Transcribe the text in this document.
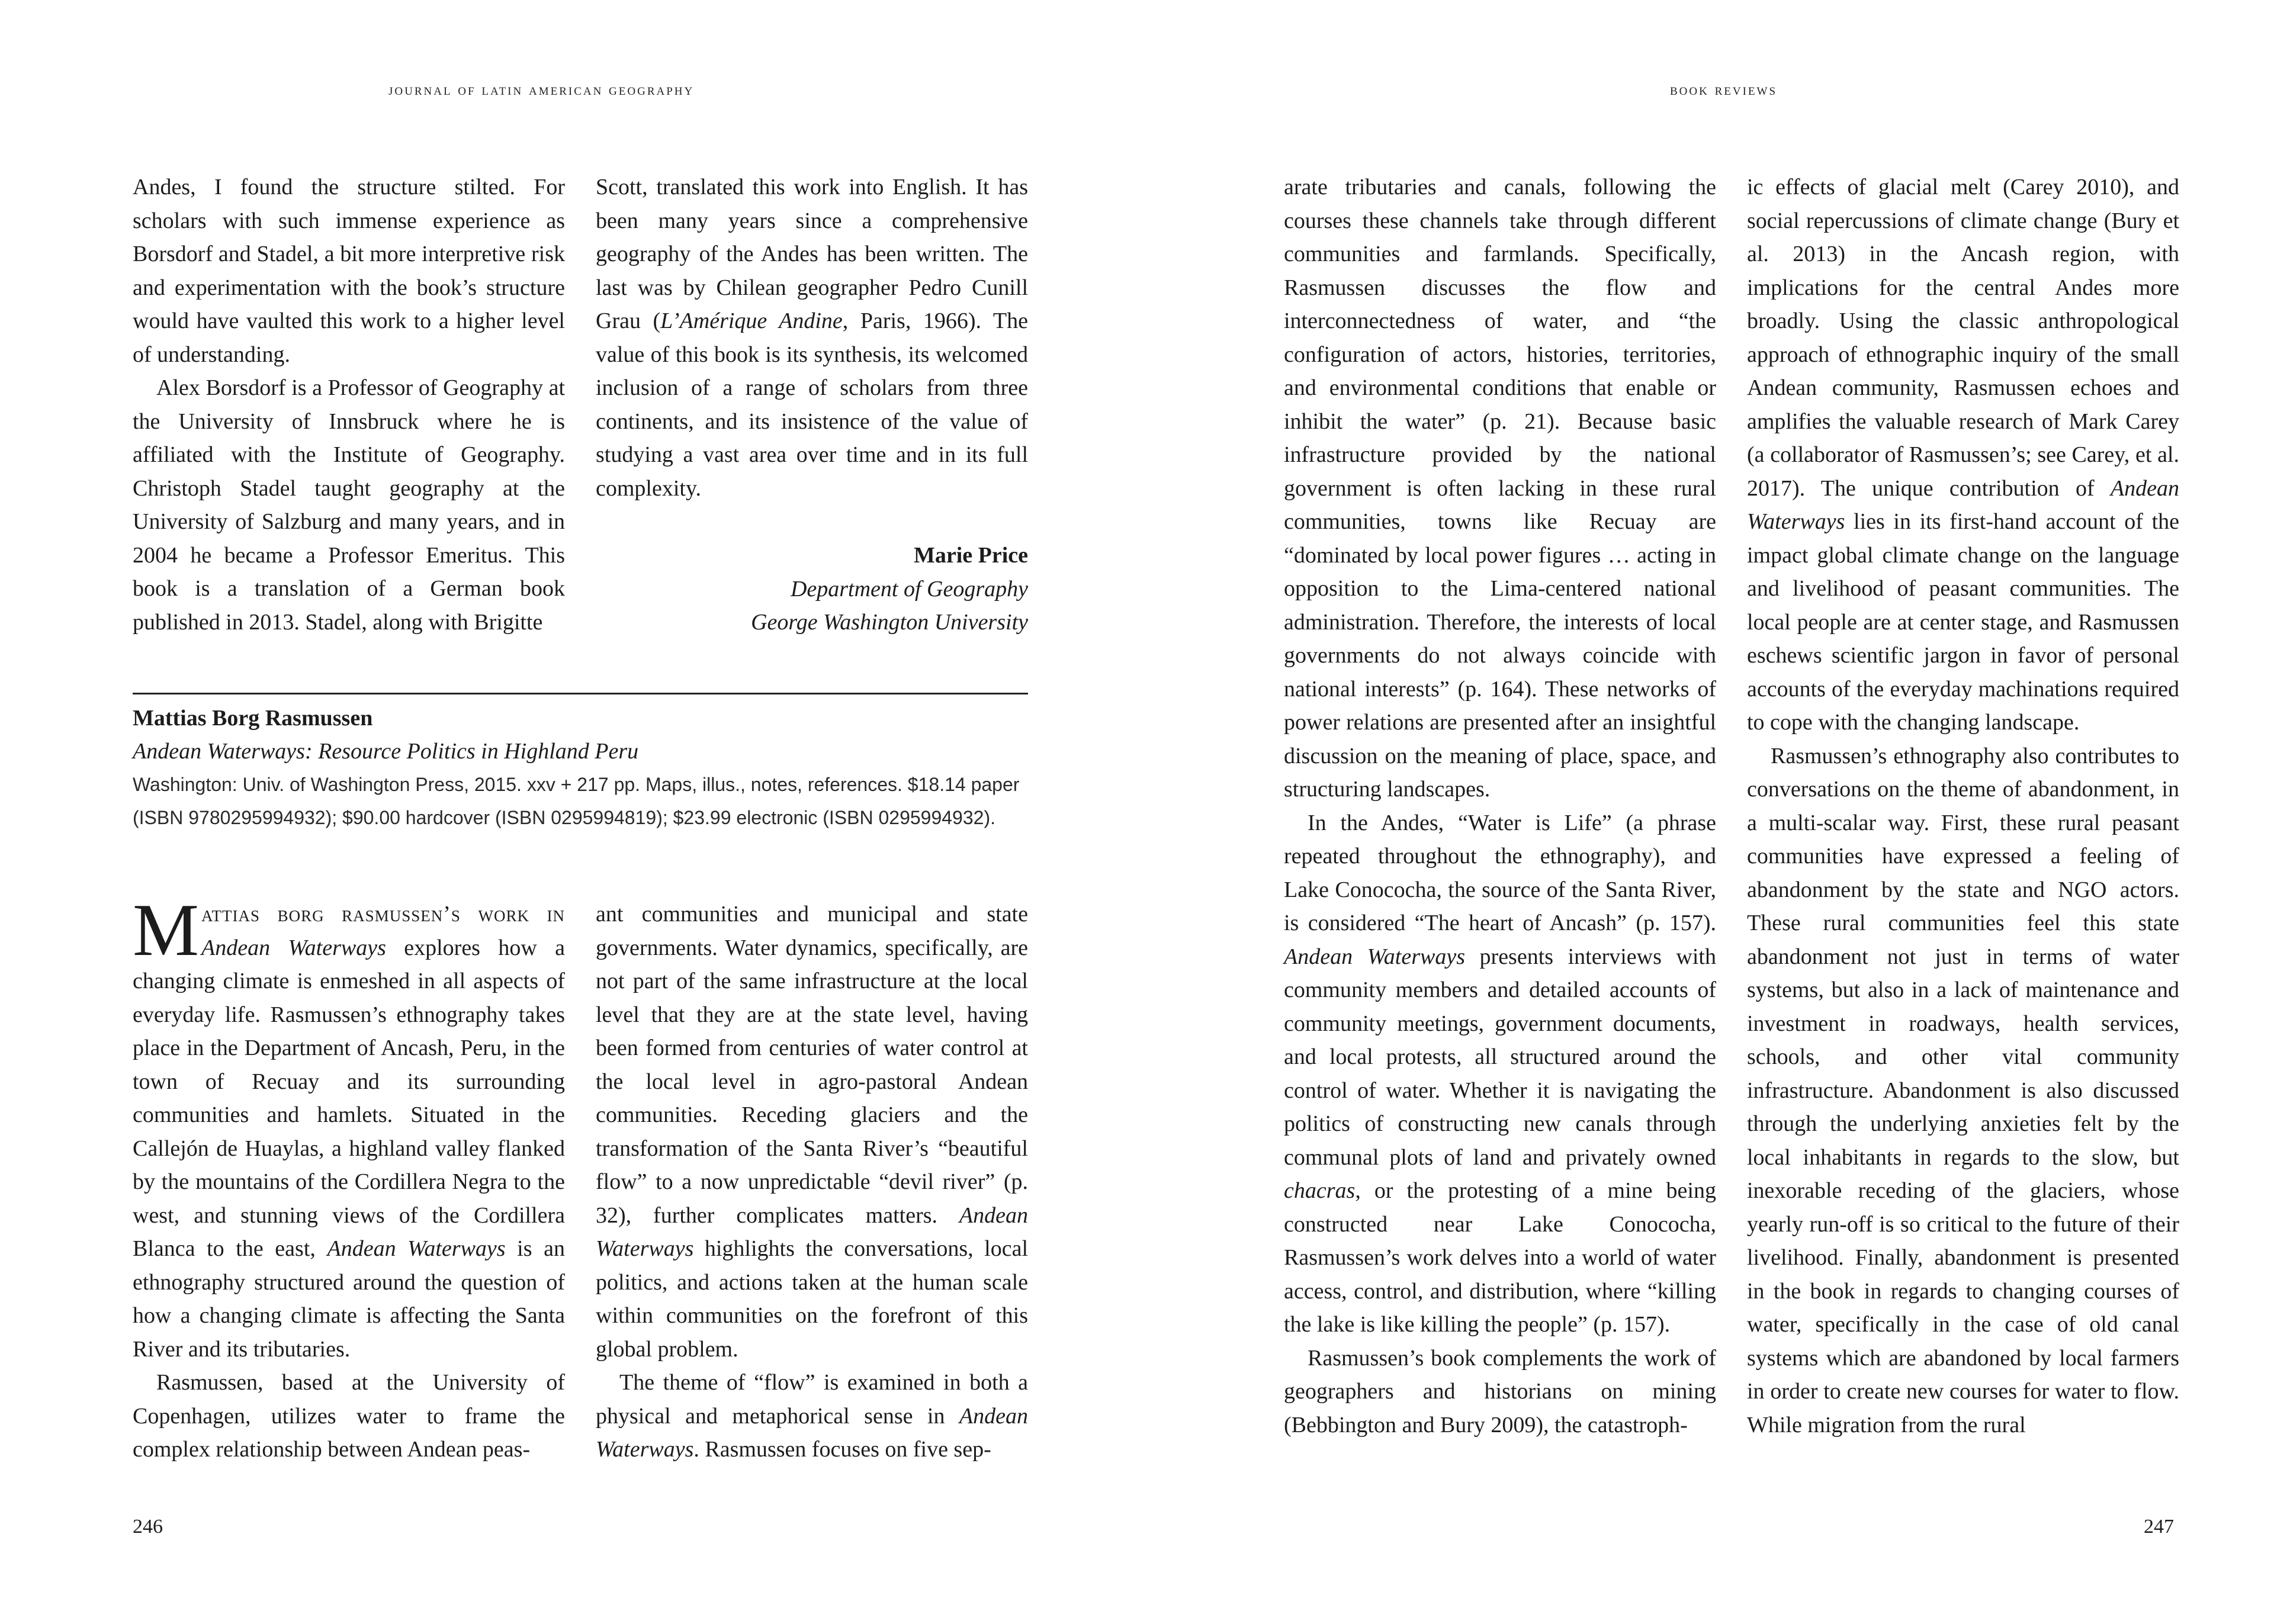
journal of latin american geography

Andes, I found the structure stilted. For scholars with such immense experience as Borsdorf and Stadel, a bit more interpretive risk and experimentation with the book’s structure would have vaulted this work to a higher level of understanding.

Alex Borsdorf is a Professor of Geography at the University of Innsbruck where he is affiliated with the Institute of Geography. Christoph Stadel taught geography at the University of Salzburg and many years, and in 2004 he became a Professor Emeritus. This book is a translation of a German book published in 2013. Stadel, along with Brigitte

Scott, translated this work into English. It has been many years since a comprehensive geography of the Andes has been written. The last was by Chilean geographer Pedro Cunill Grau (L’Amérique Andine, Paris, 1966). The value of this book is its synthesis, its welcomed inclusion of a range of scholars from three continents, and its insistence of the value of studying a vast area over time and in its full complexity.

Marie Price
Department of Geography
George Washington University
Mattias Borg Rasmussen
Andean Waterways: Resource Politics in Highland Peru
Washington: Univ. of Washington Press, 2015. xxv + 217 pp. Maps, illus., notes, references. $18.14 paper (ISBN 9780295994932); $90.00 hardcover (ISBN 0295994819); $23.99 electronic (ISBN 0295994932).

Mattias borg rasmussen’s work in Andean Waterways explores how a changing climate is enmeshed in all aspects of everyday life. Rasmussen’s ethnography takes place in the Department of Ancash, Peru, in the town of Recuay and its surrounding communities and hamlets. Situated in the Callejón de Huaylas, a highland valley flanked by the mountains of the Cordillera Negra to the west, and stunning views of the Cordillera Blanca to the east, Andean Waterways is an ethnography structured around the question of how a changing climate is affecting the Santa River and its tributaries.

Rasmussen, based at the University of Copenhagen, utilizes water to frame the complex relationship between Andean peas-

ant communities and municipal and state governments. Water dynamics, specifically, are not part of the same infrastructure at the local level that they are at the state level, having been formed from centuries of water control at the local level in agro-pastoral Andean communities. Receding glaciers and the transformation of the Santa River’s “beautiful flow” to a now unpredictable “devil river” (p. 32), further complicates matters. Andean Waterways highlights the conversations, local politics, and actions taken at the human scale within communities on the forefront of this global problem.

The theme of “flow” is examined in both a physical and metaphorical sense in Andean Waterways. Rasmussen focuses on five sep-

246
book reviews

arate tributaries and canals, following the courses these channels take through different communities and farmlands. Specifically, Rasmussen discusses the flow and interconnectedness of water, and “the configuration of actors, histories, territories, and environmental conditions that enable or inhibit the water” (p. 21). Because basic infrastructure provided by the national government is often lacking in these rural communities, towns like Recuay are “dominated by local power figures … acting in opposition to the Lima-centered national administration. Therefore, the interests of local governments do not always coincide with national interests” (p. 164). These networks of power relations are presented after an insightful discussion on the meaning of place, space, and structuring landscapes.

In the Andes, “Water is Life” (a phrase repeated throughout the ethnography), and Lake Conococha, the source of the Santa River, is considered “The heart of Ancash” (p. 157). Andean Waterways presents interviews with community members and detailed accounts of community meetings, government documents, and local protests, all structured around the control of water. Whether it is navigating the politics of constructing new canals through communal plots of land and privately owned chacras, or the protesting of a mine being constructed near Lake Conococha, Rasmussen’s work delves into a world of water access, control, and distribution, where “killing the lake is like killing the people” (p. 157).

Rasmussen’s book complements the work of geographers and historians on mining (Bebbington and Bury 2009), the catastroph-

ic effects of glacial melt (Carey 2010), and social repercussions of climate change (Bury et al. 2013) in the Ancash region, with implications for the central Andes more broadly. Using the classic anthropological approach of ethnographic inquiry of the small Andean community, Rasmussen echoes and amplifies the valuable research of Mark Carey (a collaborator of Rasmussen’s; see Carey, et al. 2017). The unique contribution of Andean Waterways lies in its first-hand account of the impact global climate change on the language and livelihood of peasant communities. The local people are at center stage, and Rasmussen eschews scientific jargon in favor of personal accounts of the everyday machinations required to cope with the changing landscape.

Rasmussen’s ethnography also contributes to conversations on the theme of abandonment, in a multi-scalar way. First, these rural peasant communities have expressed a feeling of abandonment by the state and NGO actors. These rural communities feel this state abandonment not just in terms of water systems, but also in a lack of maintenance and investment in roadways, health services, schools, and other vital community infrastructure. Abandonment is also discussed through the underlying anxieties felt by the local inhabitants in regards to the slow, but inexorable receding of the glaciers, whose yearly run-off is so critical to the future of their livelihood. Finally, abandonment is presented in the book in regards to changing courses of water, specifically in the case of old canal systems which are abandoned by local farmers in order to create new courses for water to flow. While migration from the rural

247
